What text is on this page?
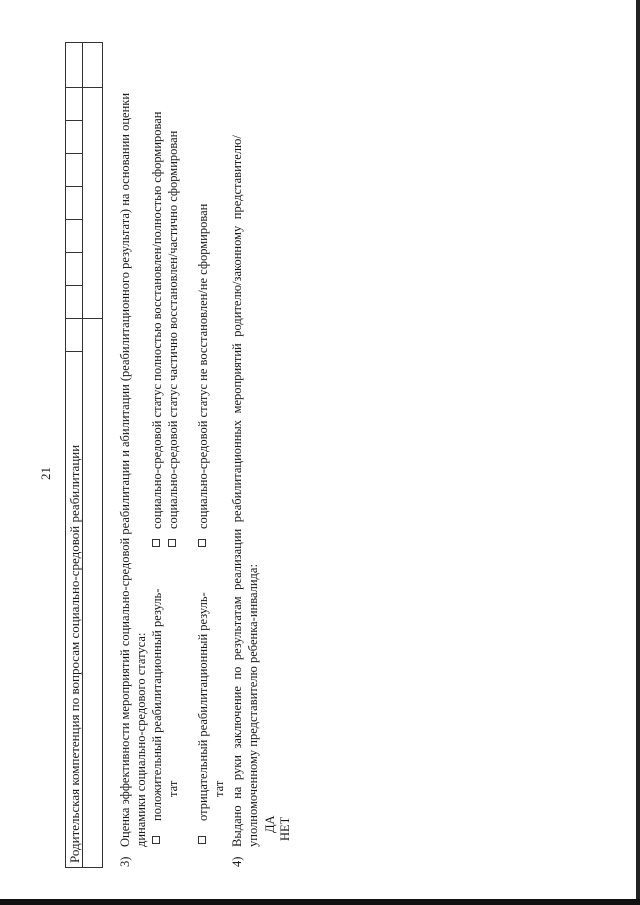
21 Родительская компетенция по вопросам социально-средовой реабилитации	3)
Оценка эффективности мероприятий социально-средовой реабилитации и абилитации (реабилитационного результата) на основании оценки динамики социально-средового статуса: положительный реабилитационный резуль- тат
социально-средовой статус полностью восстановлен/полностью сформирован социально-средовой статус частично восстановлен/частично сформирован
отрицательный реабилитационный резуль- тат
социально-средовой статус не восстановлен/не сформирован
4)
Выдано на руки заключение по результатам реализации реабилитационных мероприятий родителю/законному представителю/ уполномоченному представителю ребенка-инвалида: ДА НЕТ
